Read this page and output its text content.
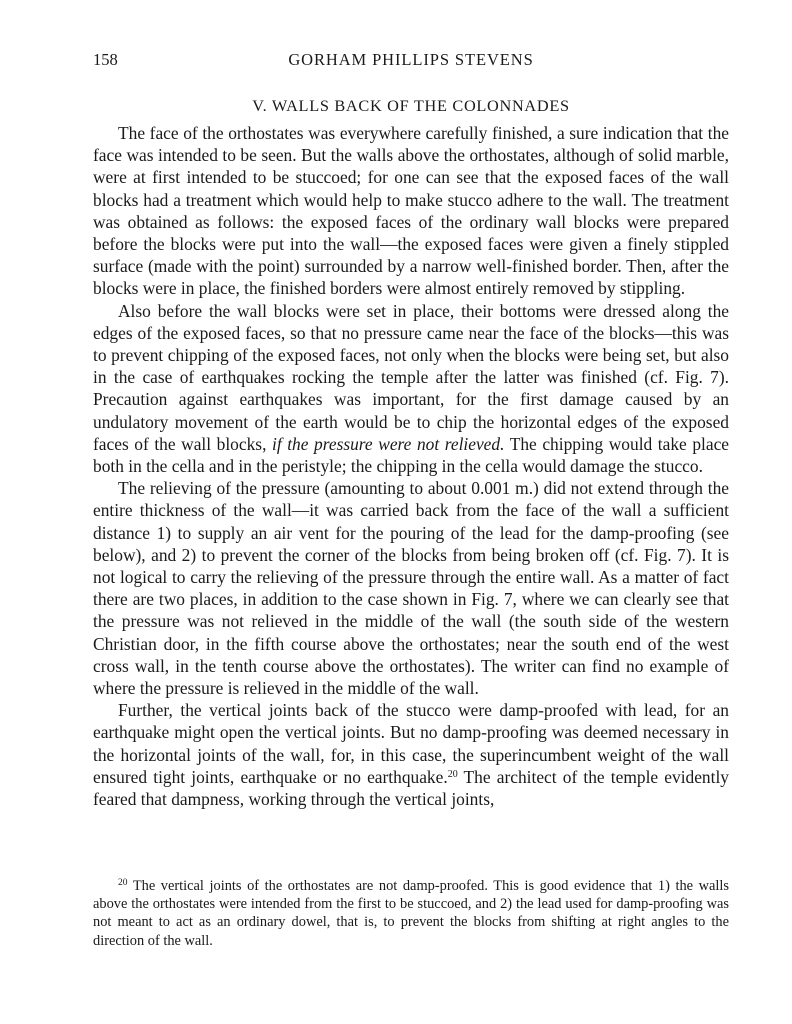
158	GORHAM PHILLIPS STEVENS
V. WALLS BACK OF THE COLONNADES

The face of the orthostates was everywhere carefully finished, a sure indication that the face was intended to be seen. But the walls above the orthostates, although of solid marble, were at first intended to be stuccoed; for one can see that the exposed faces of the wall blocks had a treatment which would help to make stucco adhere to the wall. The treatment was obtained as follows: the exposed faces of the ordinary wall blocks were prepared before the blocks were put into the wall—the exposed faces were given a finely stippled surface (made with the point) surrounded by a narrow well-finished border. Then, after the blocks were in place, the finished borders were almost entirely removed by stippling.

Also before the wall blocks were set in place, their bottoms were dressed along the edges of the exposed faces, so that no pressure came near the face of the blocks—this was to prevent chipping of the exposed faces, not only when the blocks were being set, but also in the case of earthquakes rocking the temple after the latter was finished (cf. Fig. 7). Precaution against earthquakes was important, for the first damage caused by an undulatory movement of the earth would be to chip the horizontal edges of the exposed faces of the wall blocks, if the pressure were not relieved. The chipping would take place both in the cella and in the peristyle; the chipping in the cella would damage the stucco.

The relieving of the pressure (amounting to about 0.001 m.) did not extend through the entire thickness of the wall—it was carried back from the face of the wall a sufficient distance 1) to supply an air vent for the pouring of the lead for the damp-proofing (see below), and 2) to prevent the corner of the blocks from being broken off (cf. Fig. 7). It is not logical to carry the relieving of the pressure through the entire wall. As a matter of fact there are two places, in addition to the case shown in Fig. 7, where we can clearly see that the pressure was not relieved in the middle of the wall (the south side of the western Christian door, in the fifth course above the orthostates; near the south end of the west cross wall, in the tenth course above the orthostates). The writer can find no example of where the pressure is relieved in the middle of the wall.

Further, the vertical joints back of the stucco were damp-proofed with lead, for an earthquake might open the vertical joints. But no damp-proofing was deemed necessary in the horizontal joints of the wall, for, in this case, the superincumbent weight of the wall ensured tight joints, earthquake or no earthquake.$^{20}$ The architect of the temple evidently feared that dampness, working through the vertical joints,

$^{20}$ The vertical joints of the orthostates are not damp-proofed. This is good evidence that 1) the walls above the orthostates were intended from the first to be stuccoed, and 2) the lead used for damp-proofing was not meant to act as an ordinary dowel, that is, to prevent the blocks from shifting at right angles to the direction of the wall.
